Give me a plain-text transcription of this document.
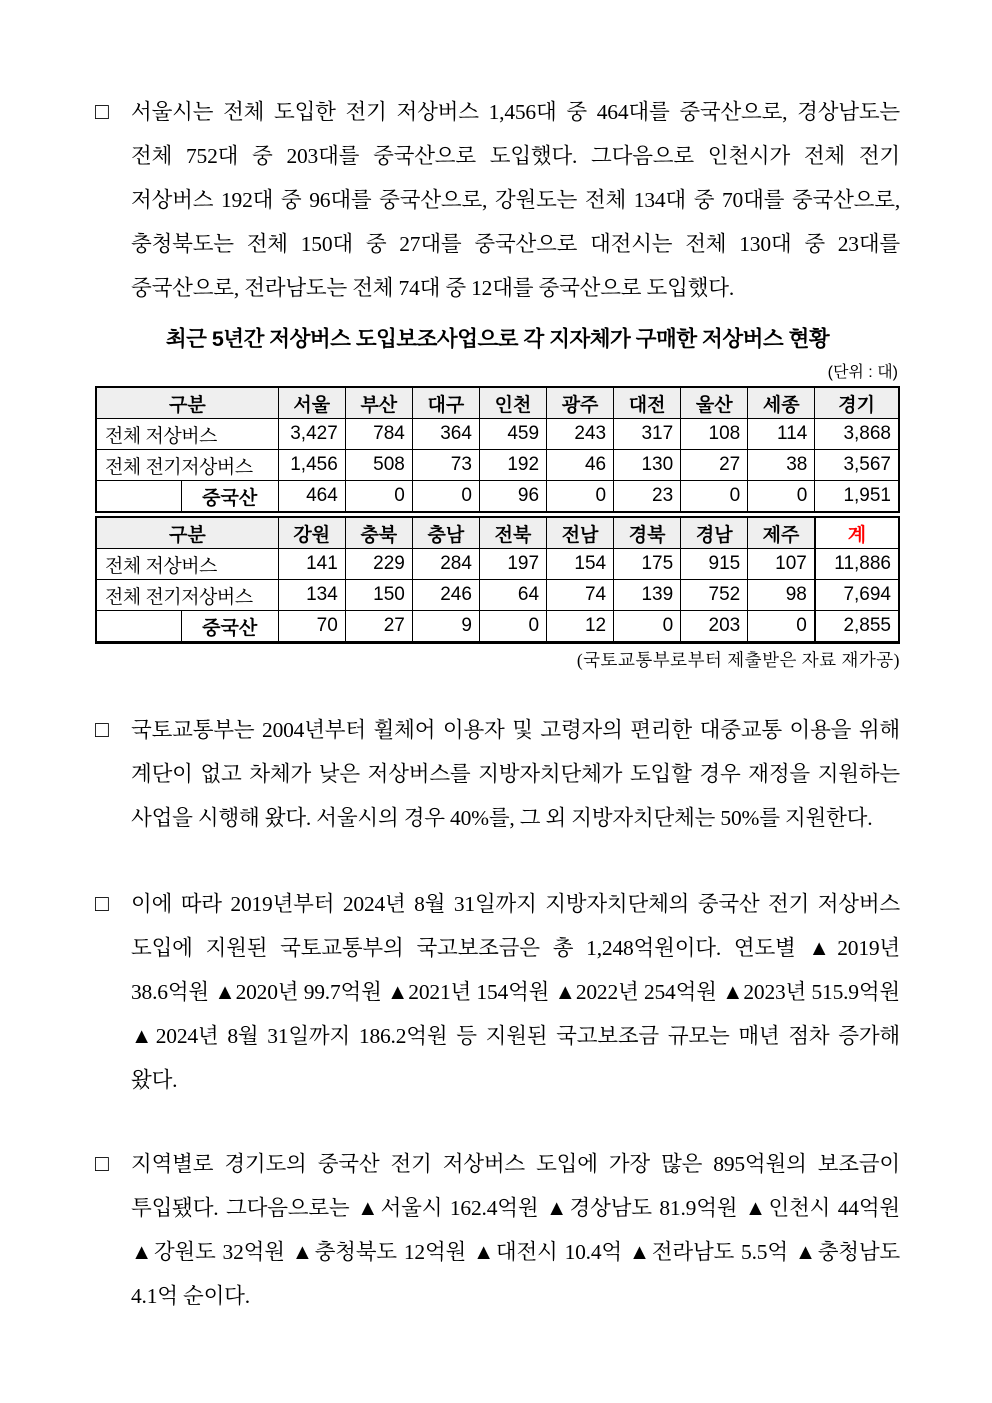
□	서울시는 전체 도입한 전기 저상버스 1,456대 중 464대를 중국산으로, 경상남도는 전체 752대 중 203대를 중국산으로 도입했다. 그다음으로 인천시가 전체 전기 저상버스 192대 중 96대를 중국산으로, 강원도는 전체 134대 중 70대를 중국산으로, 충청북도는 전체 150대 중 27대를 중국산으로 대전시는 전체 130대 중 23대를 중국산으로, 전라남도는 전체 74대 중 12대를 중국산으로 도입했다.
최근 5년간 저상버스 도입보조사업으로 각 지자체가 구매한 저상버스 현황
(단위 : 대)
구분		서울	부산	대구	인천	광주	대전	울산	세종	경기
전체 저상버스		3,427	784	364	459	243	317	108	114	3,868
전체 전기저상버스		1,456	508	73	192	46	130	27	38	3,567
	중국산	464	0	0	96	0	23	0	0	1,951
구분		강원	충북	충남	전북	전남	경북	경남	제주	계
전체 저상버스		141	229	284	197	154	175	915	107	11,886
전체 전기저상버스		134	150	246	64	74	139	752	98	7,694
	중국산	70	27	9	0	12	0	203	0	2,855
(국토교통부로부터 제출받은 자료 재가공)
□	국토교통부는 2004년부터 휠체어 이용자 및 고령자의 편리한 대중교통 이용을 위해 계단이 없고 차체가 낮은 저상버스를 지방자치단체가 도입할 경우 재정을 지원하는 사업을 시행해 왔다. 서울시의 경우 40%를, 그 외 지방자치단체는 50%를 지원한다.
□	이에 따라 2019년부터 2024년 8월 31일까지 지방자치단체의 중국산 전기 저상버스 도입에 지원된 국토교통부의 국고보조금은 총 1,248억원이다. 연도별 ▲2019년 38.6억원 ▲2020년 99.7억원 ▲2021년 154억원 ▲2022년 254억원 ▲2023년 515.9억원 ▲2024년 8월 31일까지 186.2억원 등 지원된 국고보조금 규모는 매년 점차 증가해 왔다.
□	지역별로 경기도의 중국산 전기 저상버스 도입에 가장 많은 895억원의 보조금이 투입됐다. 그다음으로는 ▲서울시 162.4억원 ▲경상남도 81.9억원 ▲인천시 44억원 ▲강원도 32억원 ▲충청북도 12억원 ▲대전시 10.4억 ▲전라남도 5.5억 ▲충청남도 4.1억 순이다.
